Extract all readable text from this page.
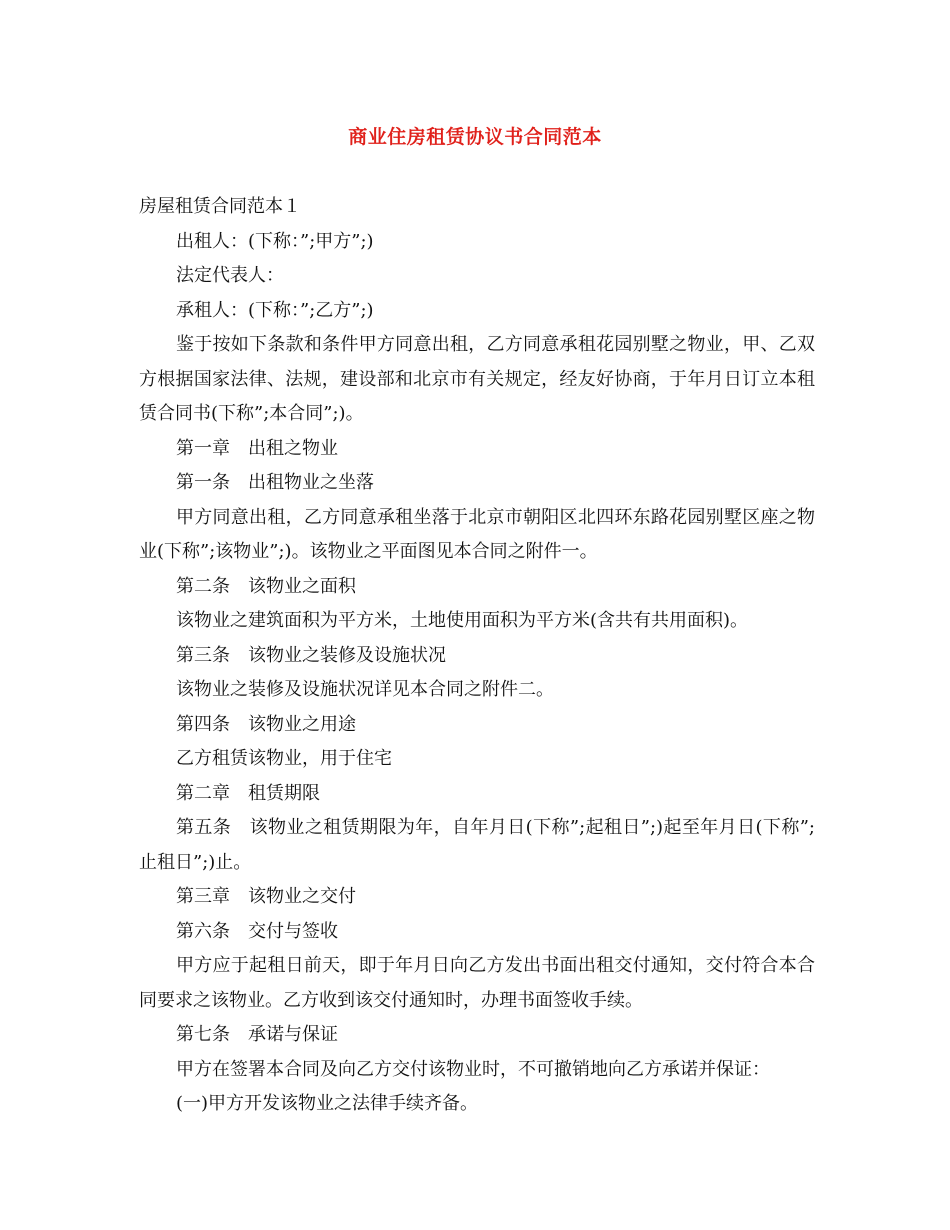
商业住房租赁协议书合同范本

房屋租赁合同范本１

出租人：(下称：”;甲方”;)

法定代表人：

承租人：(下称：”;乙方”;)

鉴于按如下条款和条件甲方同意出租，乙方同意承租花园别墅之物业，甲、乙双方根据国家法律、法规，建设部和北京市有关规定，经友好协商，于年月日订立本租赁合同书(下称”;本合同”;)。

第一章　出租之物业

第一条　出租物业之坐落

甲方同意出租，乙方同意承租坐落于北京市朝阳区北四环东路花园别墅区座之物业(下称”;该物业”;)。该物业之平面图见本合同之附件一。

第二条　该物业之面积

该物业之建筑面积为平方米，土地使用面积为平方米(含共有共用面积)。

第三条　该物业之装修及设施状况

该物业之装修及设施状况详见本合同之附件二。

第四条　该物业之用途

乙方租赁该物业，用于住宅

第二章　租赁期限

第五条　该物业之租赁期限为年，自年月日(下称”;起租日”;)起至年月日(下称”;止租日”;)止。

第三章　该物业之交付

第六条　交付与签收

甲方应于起租日前天，即于年月日向乙方发出书面出租交付通知，交付符合本合同要求之该物业。乙方收到该交付通知时，办理书面签收手续。

第七条　承诺与保证

甲方在签署本合同及向乙方交付该物业时，不可撤销地向乙方承诺并保证：

(一)甲方开发该物业之法律手续齐备。
